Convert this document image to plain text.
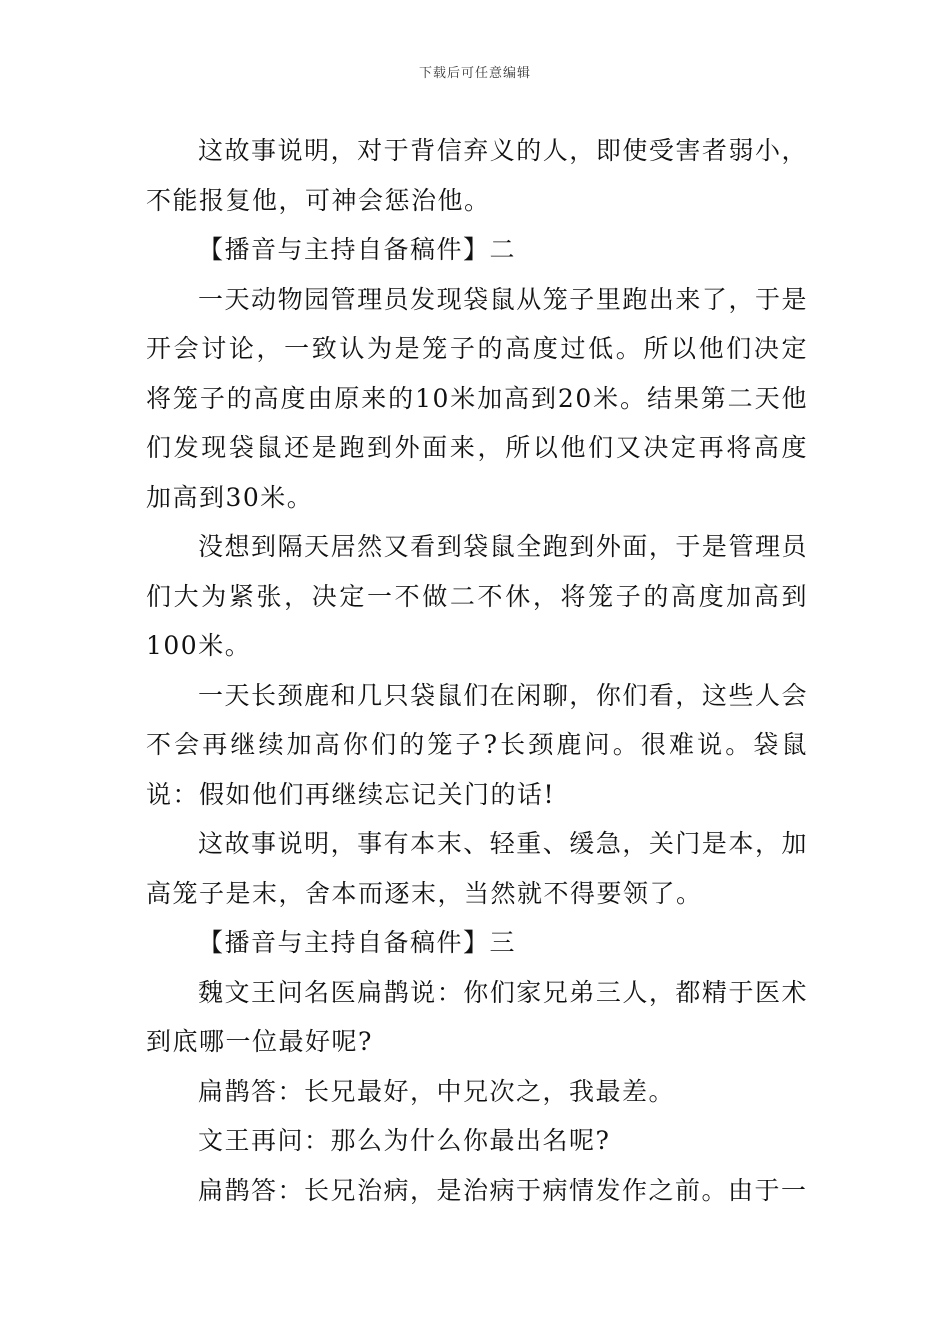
下载后可任意编辑

这故事说明，对于背信弃义的人，即使受害者弱小，不能报复他，可神会惩治他。

【播音与主持自备稿件】二

一天动物园管理员发现袋鼠从笼子里跑出来了，于是开会讨论，一致认为是笼子的高度过低。所以他们决定将笼子的高度由原来的10米加高到20米。结果第二天他们发现袋鼠还是跑到外面来，所以他们又决定再将高度加高到30米。

没想到隔天居然又看到袋鼠全跑到外面，于是管理员们大为紧张，决定一不做二不休，将笼子的高度加高到100米。

一天长颈鹿和几只袋鼠们在闲聊，你们看，这些人会不会再继续加高你们的笼子?长颈鹿问。很难说。袋鼠说：假如他们再继续忘记关门的话!

这故事说明，事有本末、轻重、缓急，关门是本，加高笼子是末，舍本而逐末，当然就不得要领了。

【播音与主持自备稿件】三

魏文王问名医扁鹊说：你们家兄弟三人，都精于医术到底哪一位最好呢?

扁鹊答：长兄最好，中兄次之，我最差。

文王再问：那么为什么你最出名呢?

扁鹊答：长兄治病，是治病于病情发作之前。由于一
